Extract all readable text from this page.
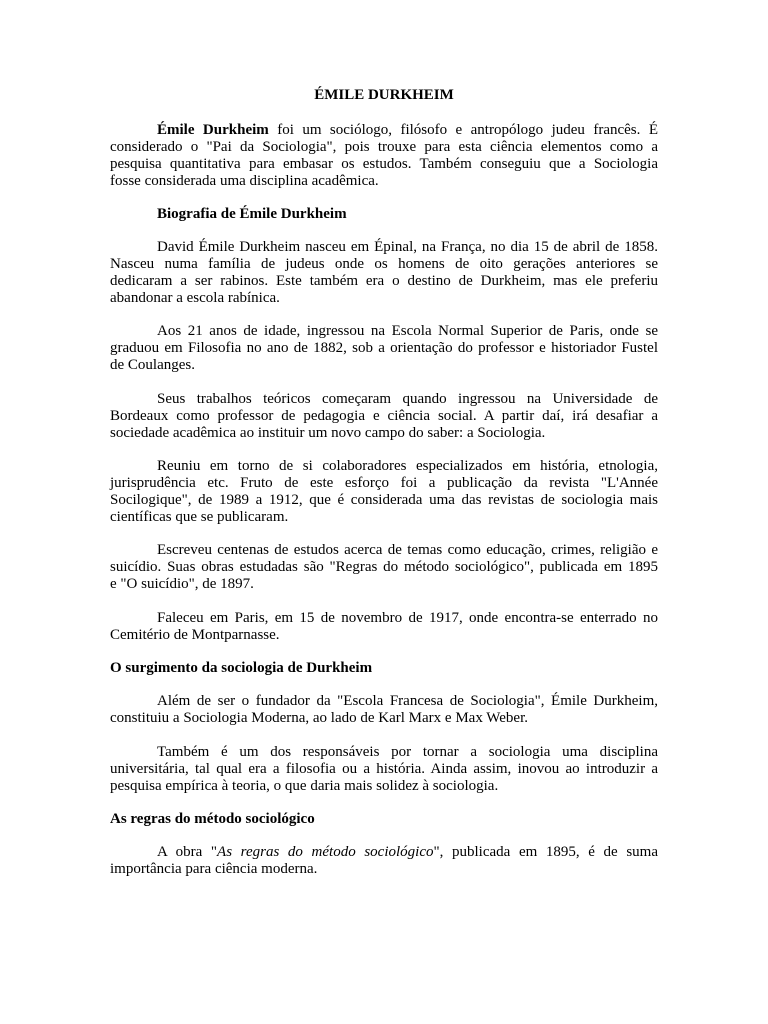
ÉMILE DURKHEIM
Émile Durkheim foi um sociólogo, filósofo e antropólogo judeu francês. É
considerado o "Pai da Sociologia", pois trouxe para esta ciência elementos como a
pesquisa quantitativa para embasar os estudos. Também conseguiu que a Sociologia
fosse considerada uma disciplina acadêmica.
Biografia de Émile Durkheim
David Émile Durkheim nasceu em Épinal, na França, no dia 15 de abril de 1858.
Nasceu numa família de judeus onde os homens de oito gerações anteriores se
dedicaram a ser rabinos. Este também era o destino de Durkheim, mas ele preferiu
abandonar a escola rabínica.
Aos 21 anos de idade, ingressou na Escola Normal Superior de Paris, onde se
graduou em Filosofia no ano de 1882, sob a orientação do professor e historiador Fustel
de Coulanges.
Seus trabalhos teóricos começaram quando ingressou na Universidade de
Bordeaux como professor de pedagogia e ciência social. A partir daí, irá desafiar a
sociedade acadêmica ao instituir um novo campo do saber: a Sociologia.
Reuniu em torno de si colaboradores especializados em história, etnologia,
jurisprudência etc. Fruto de este esforço foi a publicação da revista "L'Année
Socilogique", de 1989 a 1912, que é considerada uma das revistas de sociologia mais
científicas que se publicaram.
Escreveu centenas de estudos acerca de temas como educação, crimes, religião e
suicídio. Suas obras estudadas são "Regras do método sociológico", publicada em 1895
e "O suicídio", de 1897.
Faleceu em Paris, em 15 de novembro de 1917, onde encontra-se enterrado no
Cemitério de Montparnasse.
O surgimento da sociologia de Durkheim
Além de ser o fundador da "Escola Francesa de Sociologia", Émile Durkheim,
constituiu a Sociologia Moderna, ao lado de Karl Marx e Max Weber.
Também é um dos responsáveis por tornar a sociologia uma disciplina
universitária, tal qual era a filosofia ou a história. Ainda assim, inovou ao introduzir a
pesquisa empírica à teoria, o que daria mais solidez à sociologia.
As regras do método sociológico
A obra "As regras do método sociológico", publicada em 1895, é de suma
importância para ciência moderna.
